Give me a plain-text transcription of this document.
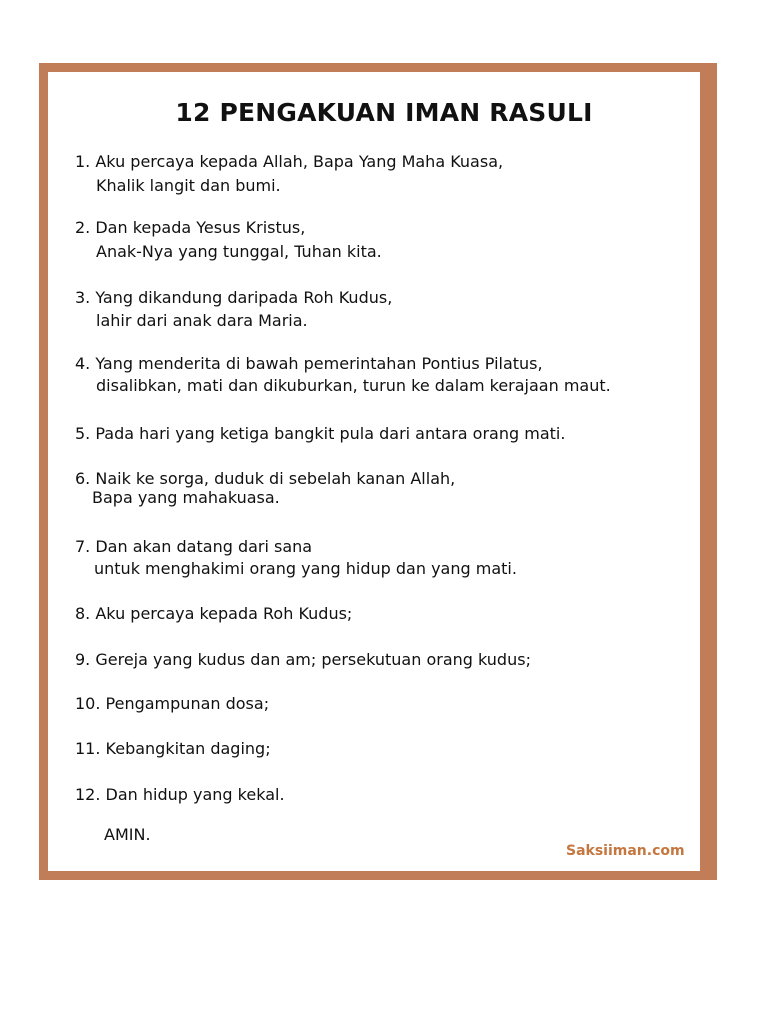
12 PENGAKUAN IMAN RASULI

1. Aku percaya kepada Allah, Bapa Yang Maha Kuasa,

Khalik langit dan bumi.

2. Dan kepada Yesus Kristus,

Anak-Nya yang tunggal, Tuhan kita.

3. Yang dikandung daripada Roh Kudus,

lahir dari anak dara Maria.

4. Yang menderita di bawah pemerintahan Pontius Pilatus,

disalibkan, mati dan dikuburkan, turun ke dalam kerajaan maut.

5. Pada hari yang ketiga bangkit pula dari antara orang mati.

6. Naik ke sorga, duduk di sebelah kanan Allah,

Bapa yang mahakuasa.

7. Dan akan datang dari sana

untuk menghakimi orang yang hidup dan yang mati.

8. Aku percaya kepada Roh Kudus;

9. Gereja yang kudus dan am; persekutuan orang kudus;

10. Pengampunan dosa;

11. Kebangkitan daging;

12. Dan hidup yang kekal.

AMIN.

Saksiiman.com
